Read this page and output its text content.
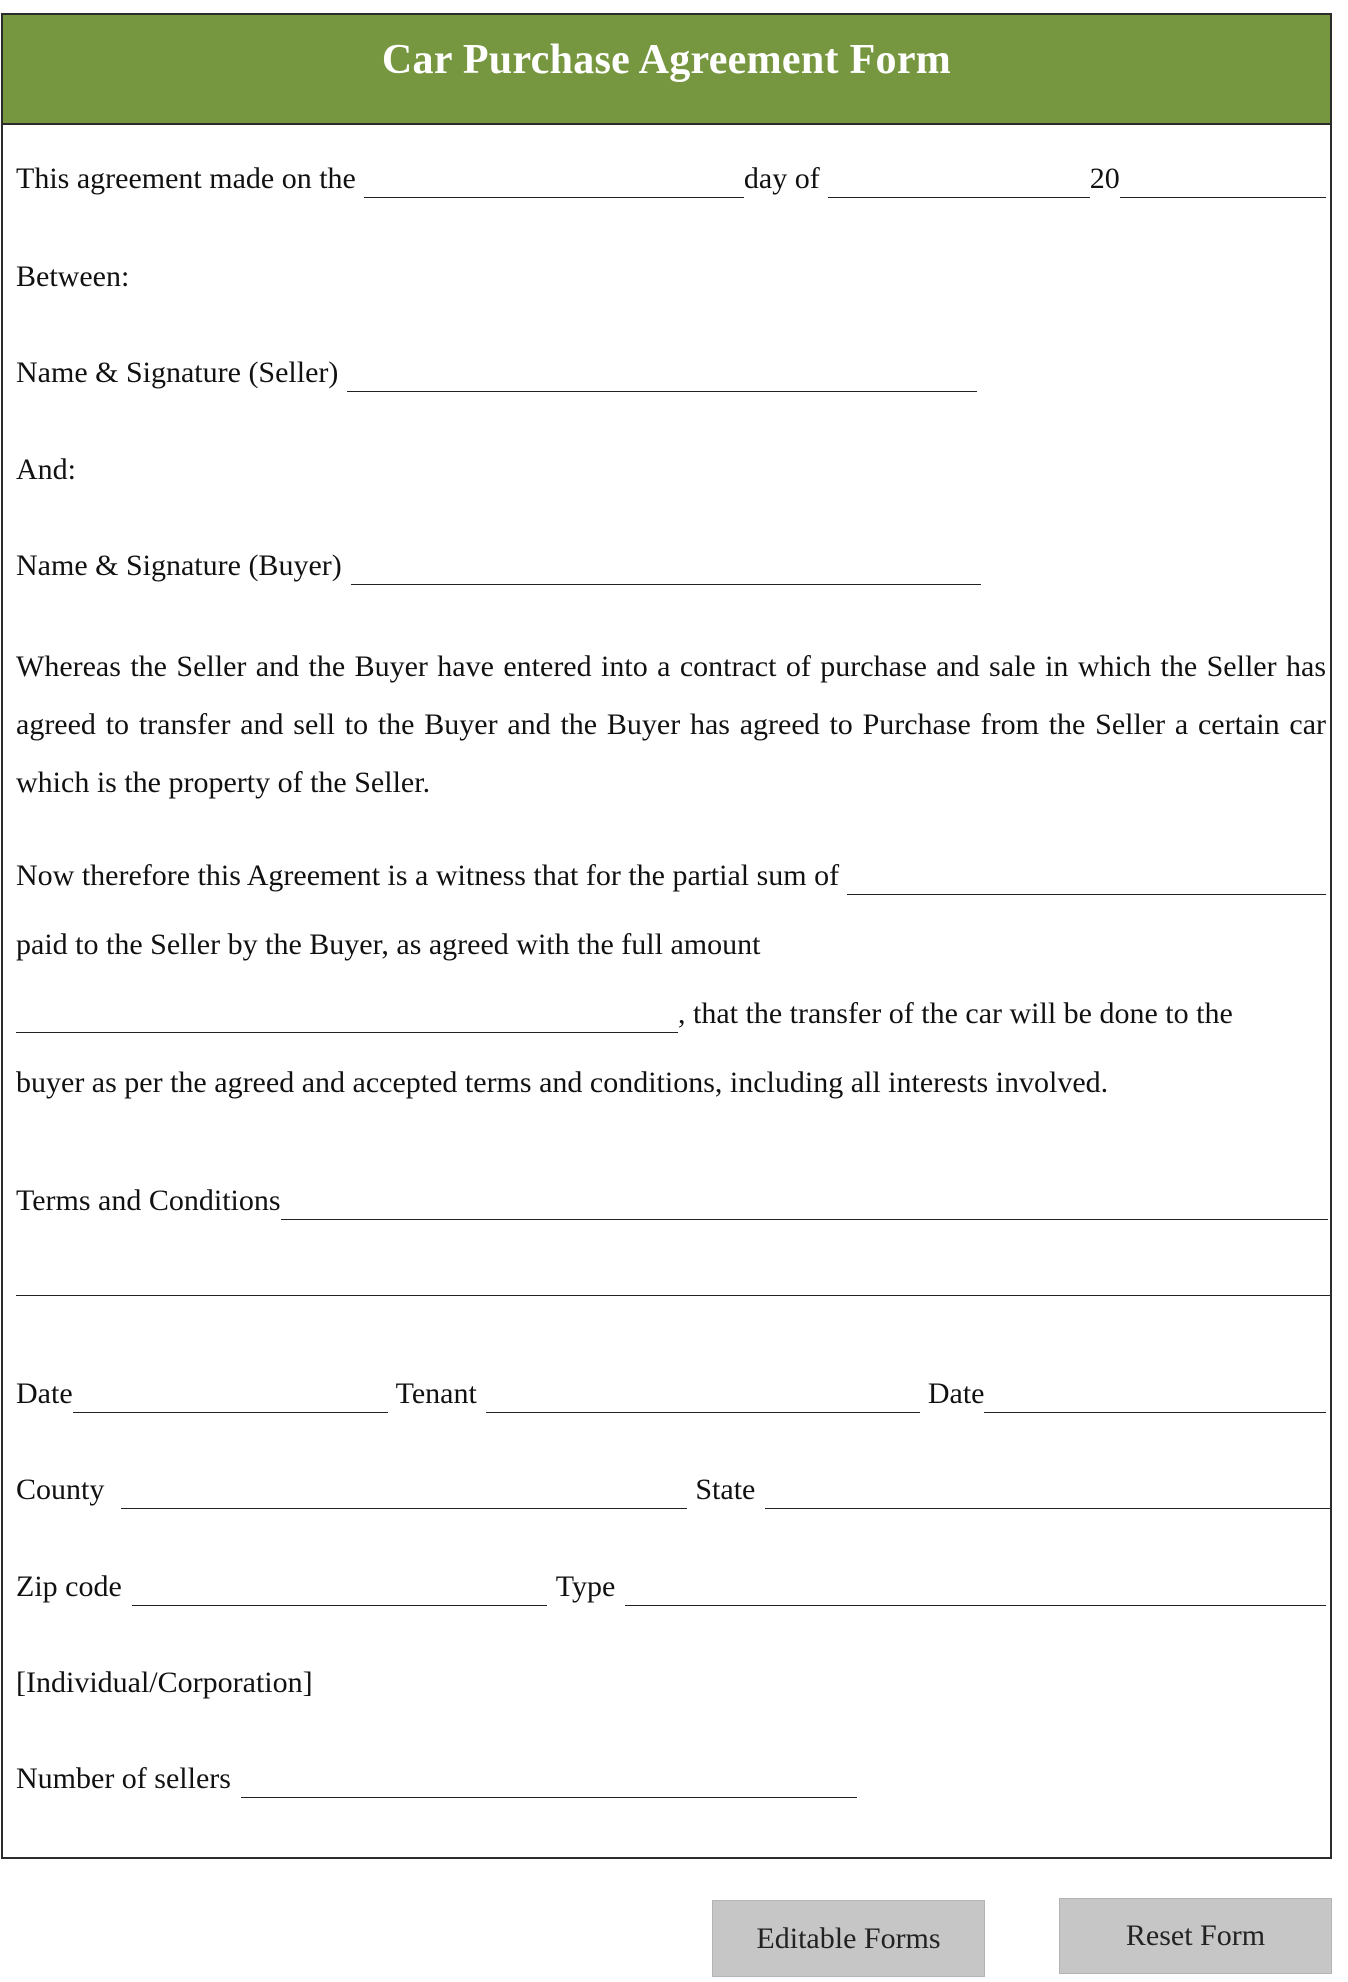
Car Purchase Agreement Form
This agreement made on the	day of	20
Between:
Name & Signature (Seller)
And:
Name & Signature (Buyer)
Whereas the Seller and the Buyer have entered into a contract of purchase and sale in which the Seller has agreed to transfer and sell to the Buyer and the Buyer has agreed to Purchase from the Seller a certain car which is the property of the Seller.
Now therefore this Agreement is a witness that for the partial sum of
paid to the Seller by the Buyer, as agreed with the full amount
, that the transfer of the car will be done to the
buyer as per the agreed and accepted terms and conditions, including all interests involved.
Terms and Conditions
Date	Tenant	Date
County	State
Zip code	Type
[Individual/Corporation]
Number of sellers
Editable Forms	Reset Form
